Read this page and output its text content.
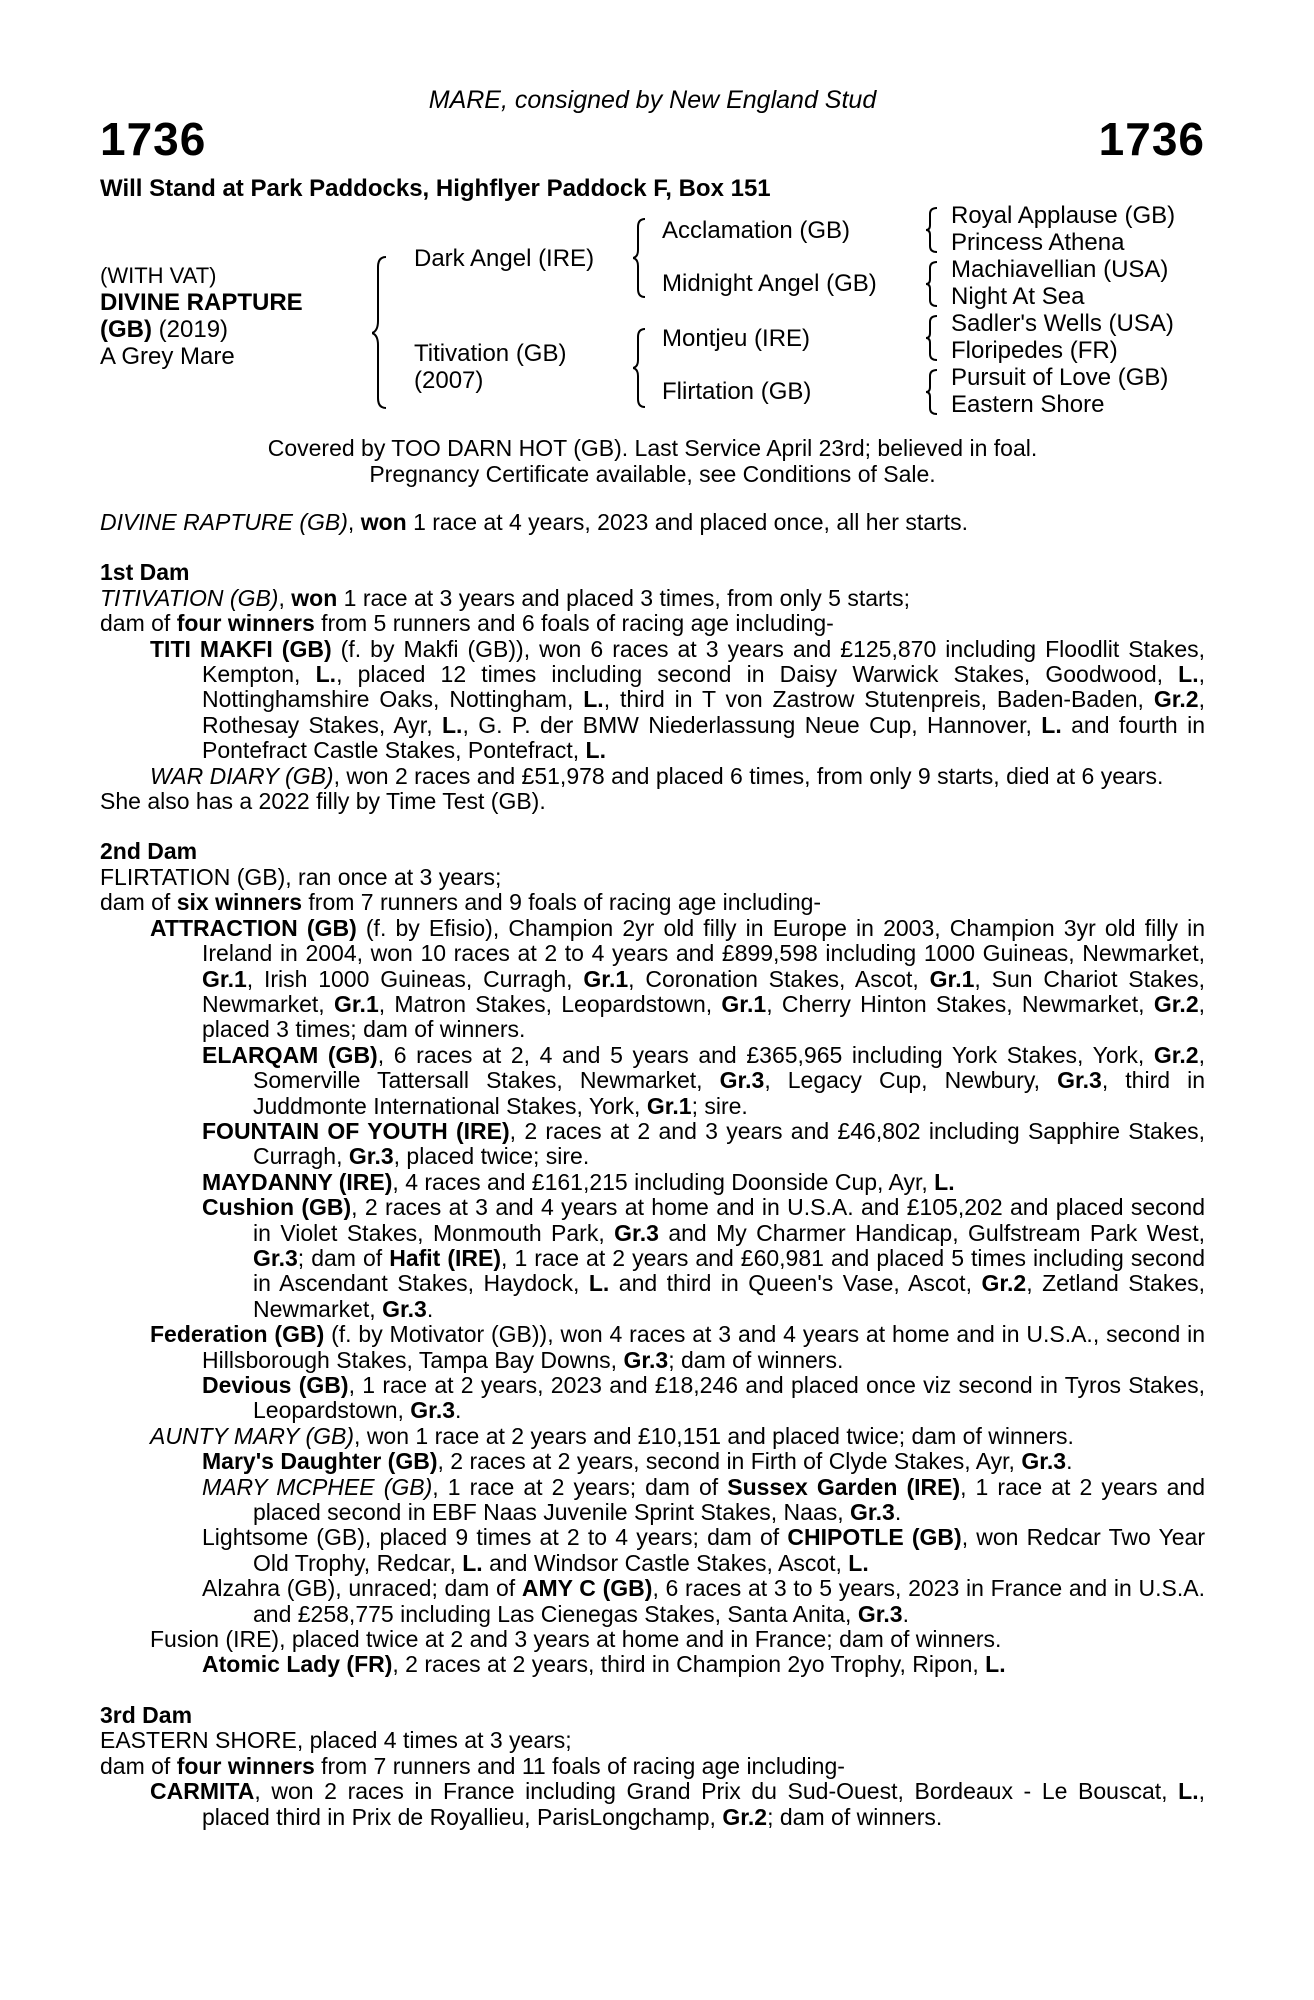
MARE, consigned by New England Stud
1736	1736
Will Stand at Park Paddocks, Highflyer Paddock F, Box 151
(WITH VAT)
DIVINE RAPTURE
(GB) (2019)
A Grey Mare
Dark Angel (IRE)
Titivation (GB)
(2007)
Acclamation (GB)
Midnight Angel (GB)
Montjeu (IRE)
Flirtation (GB)
Royal Applause (GB)
Princess Athena
Machiavellian (USA)
Night At Sea
Sadler's Wells (USA)
Floripedes (FR)
Pursuit of Love (GB)
Eastern Shore
Covered by TOO DARN HOT (GB). Last Service April 23rd; believed in foal.
Pregnancy Certificate available, see Conditions of Sale.

DIVINE RAPTURE (GB), won 1 race at 4 years, 2023 and placed once, all her starts.

1st Dam

TITIVATION (GB), won 1 race at 3 years and placed 3 times, from only 5 starts;

dam of four winners from 5 runners and 6 foals of racing age including-

TITI MAKFI (GB) (f. by Makfi (GB)), won 6 races at 3 years and £125,870 including Floodlit Stakes, Kempton, L., placed 12 times including second in Daisy Warwick Stakes, Goodwood, L., Nottinghamshire Oaks, Nottingham, L., third in T von Zastrow Stutenpreis, Baden-Baden, Gr.2, Rothesay Stakes, Ayr, L., G. P. der BMW Niederlassung Neue Cup, Hannover, L. and fourth in Pontefract Castle Stakes, Pontefract, L.

WAR DIARY (GB), won 2 races and £51,978 and placed 6 times, from only 9 starts, died at 6 years.

She also has a 2022 filly by Time Test (GB).

2nd Dam

FLIRTATION (GB), ran once at 3 years;

dam of six winners from 7 runners and 9 foals of racing age including-

ATTRACTION (GB) (f. by Efisio), Champion 2yr old filly in Europe in 2003, Champion 3yr old filly in Ireland in 2004, won 10 races at 2 to 4 years and £899,598 including 1000 Guineas, Newmarket, Gr.1, Irish 1000 Guineas, Curragh, Gr.1, Coronation Stakes, Ascot, Gr.1, Sun Chariot Stakes, Newmarket, Gr.1, Matron Stakes, Leopardstown, Gr.1, Cherry Hinton Stakes, Newmarket, Gr.2, placed 3 times; dam of winners.

ELARQAM (GB), 6 races at 2, 4 and 5 years and £365,965 including York Stakes, York, Gr.2, Somerville Tattersall Stakes, Newmarket, Gr.3, Legacy Cup, Newbury, Gr.3, third in Juddmonte International Stakes, York, Gr.1; sire.

FOUNTAIN OF YOUTH (IRE), 2 races at 2 and 3 years and £46,802 including Sapphire Stakes, Curragh, Gr.3, placed twice; sire.

MAYDANNY (IRE), 4 races and £161,215 including Doonside Cup, Ayr, L.

Cushion (GB), 2 races at 3 and 4 years at home and in U.S.A. and £105,202 and placed second in Violet Stakes, Monmouth Park, Gr.3 and My Charmer Handicap, Gulfstream Park West, Gr.3; dam of Hafit (IRE), 1 race at 2 years and £60,981 and placed 5 times including second in Ascendant Stakes, Haydock, L. and third in Queen's Vase, Ascot, Gr.2, Zetland Stakes, Newmarket, Gr.3.

Federation (GB) (f. by Motivator (GB)), won 4 races at 3 and 4 years at home and in U.S.A., second in Hillsborough Stakes, Tampa Bay Downs, Gr.3; dam of winners.

Devious (GB), 1 race at 2 years, 2023 and £18,246 and placed once viz second in Tyros Stakes, Leopardstown, Gr.3.

AUNTY MARY (GB), won 1 race at 2 years and £10,151 and placed twice; dam of winners.

Mary's Daughter (GB), 2 races at 2 years, second in Firth of Clyde Stakes, Ayr, Gr.3.

MARY MCPHEE (GB), 1 race at 2 years; dam of Sussex Garden (IRE), 1 race at 2 years and placed second in EBF Naas Juvenile Sprint Stakes, Naas, Gr.3.

Lightsome (GB), placed 9 times at 2 to 4 years; dam of CHIPOTLE (GB), won Redcar Two Year Old Trophy, Redcar, L. and Windsor Castle Stakes, Ascot, L.

Alzahra (GB), unraced; dam of AMY C (GB), 6 races at 3 to 5 years, 2023 in France and in U.S.A. and £258,775 including Las Cienegas Stakes, Santa Anita, Gr.3.

Fusion (IRE), placed twice at 2 and 3 years at home and in France; dam of winners.

Atomic Lady (FR), 2 races at 2 years, third in Champion 2yo Trophy, Ripon, L.

3rd Dam

EASTERN SHORE, placed 4 times at 3 years;

dam of four winners from 7 runners and 11 foals of racing age including-

CARMITA, won 2 races in France including Grand Prix du Sud-Ouest, Bordeaux - Le Bouscat, L., placed third in Prix de Royallieu, ParisLongchamp, Gr.2; dam of winners.
